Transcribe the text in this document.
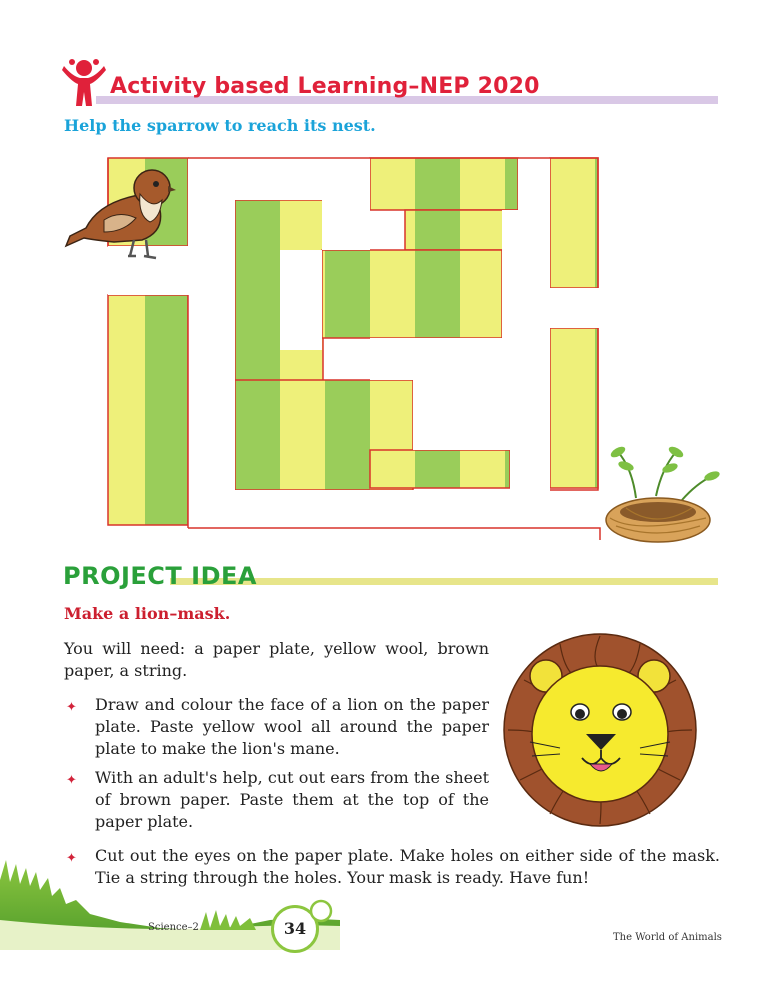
Activity based Learning–NEP 2020
Help the sparrow to reach its nest.
PROJECT IDEA
Make a lion–mask.
You will need: a paper plate, yellow wool, brown paper, a string.
✦ Draw and colour the face of a lion on the paper plate. Paste yellow wool all around the paper plate to make the lion's mane.
✦ With an adult's help, cut out ears from the sheet of brown paper. Paste them at the top of the paper plate.
✦ Cut out the eyes on the paper plate. Make holes on either side of the mask. Tie a string through the holes. Your mask is ready. Have fun!
Science–2	34	The World of Animals
